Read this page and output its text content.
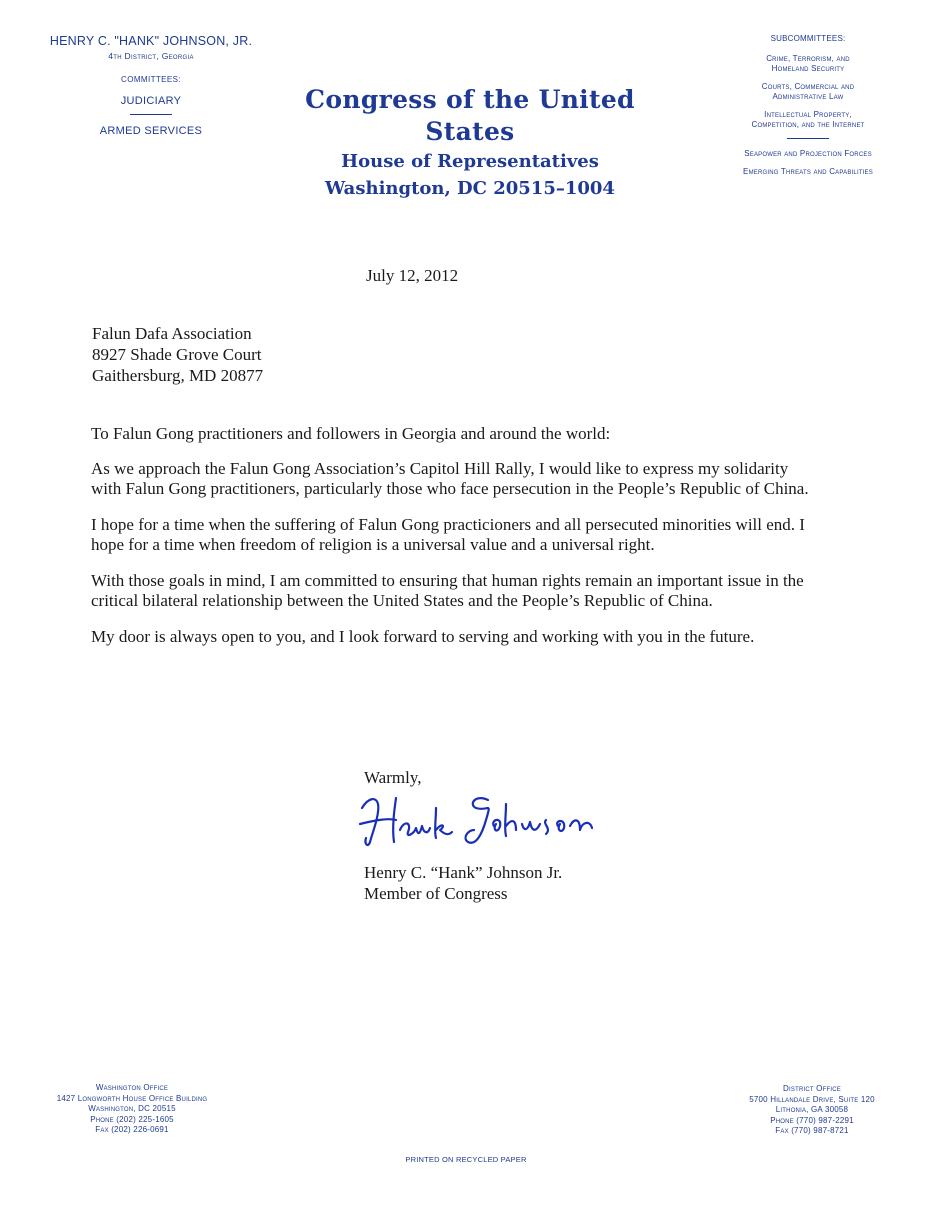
HENRY C. "HANK" JOHNSON, JR.
4th District, Georgia
COMMITTEES:
JUDICIARY
ARMED SERVICES
Congress of the United States
House of Representatives
Washington, DC 20515–1004
SUBCOMMITTEES:
Crime, Terrorism, and
Homeland Security
Courts, Commercial and
Administrative Law
Intellectual Property,
Competition, and the Internet
Seapower and Projection Forces
Emerging Threats and Capabilities
July 12, 2012
Falun Dafa Association
8927 Shade Grove Court
Gaithersburg, MD 20877

To Falun Gong practitioners and followers in Georgia and around the world:

As we approach the Falun Gong Association’s Capitol Hill Rally, I would like to express my solidarity with Falun Gong practitioners, particularly those who face persecution in the People’s Republic of China.

I hope for a time when the suffering of Falun Gong practicioners and all persecuted minorities will end. I hope for a time when freedom of religion is a universal value and a universal right.

With those goals in mind, I am committed to ensuring that human rights remain an important issue in the critical bilateral relationship between the United States and the People’s Republic of China.

My door is always open to you, and I look forward to serving and working with you in the future.

Warmly,
Henry C. “Hank” Johnson Jr.
Member of Congress
Washington Office
1427 Longworth House Office Building
Washington, DC 20515
Phone (202) 225-1605
Fax (202) 226-0691
District Office
5700 Hillandale Drive, Suite 120
Lithonia, GA 30058
Phone (770) 987-2291
Fax (770) 987-8721
PRINTED ON RECYCLED PAPER
